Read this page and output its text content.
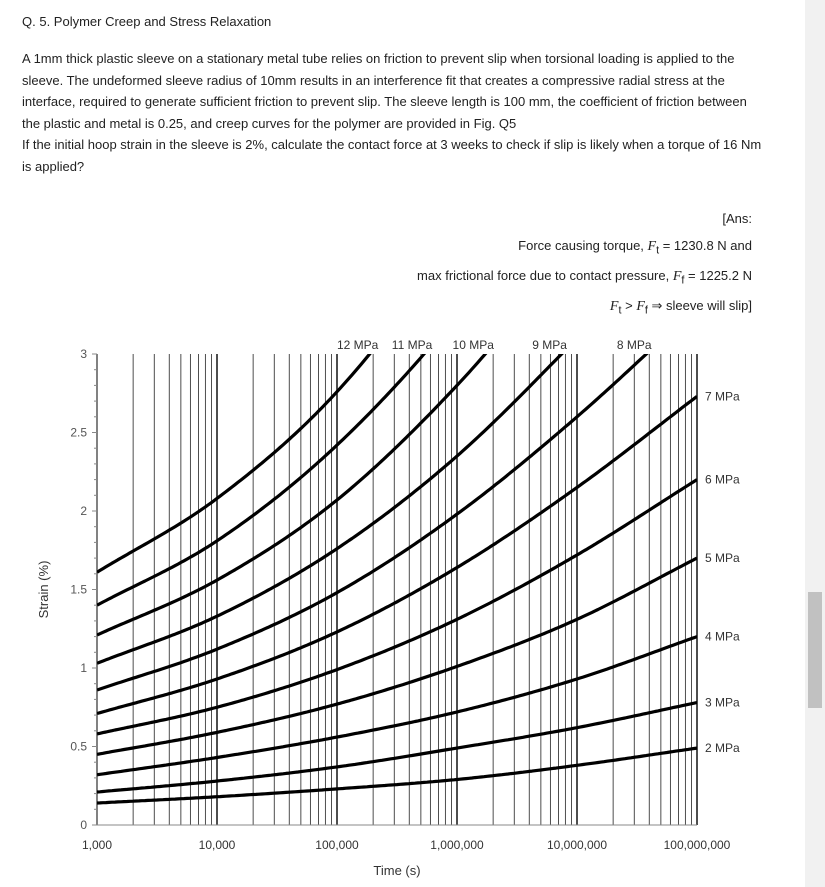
Q. 5. Polymer Creep and Stress Relaxation

A 1mm thick plastic sleeve on a stationary metal tube relies on friction to prevent slip when torsional loading is applied to the sleeve. The undeformed sleeve radius of 10mm results in an interference fit that creates a compressive radial stress at the interface, required to generate sufficient friction to prevent slip. The sleeve length is 100 mm, the coefficient of friction between the plastic and metal is 0.25, and creep curves for the polymer are provided in Fig. Q5

If the initial hoop strain in the sleeve is 2%, calculate the contact force at 3 weeks to check if slip is likely when a torque of 16 Nm is applied?

[Ans:
Force causing torque, $F_t = 1230.8$ N and
max frictional force due to contact pressure, $F_f = 1225.2$ N
$F_t > F_f$ ⇒ sleeve will slip]
0
0.5
1
1.5
2
2.5
3
1,000	10,000	100,000	1,000,000	10,000,000	100,000,000
Time (s)
Strain (%)
2 MPa
3 MPa
4 MPa
5 MPa
6 MPa
7 MPa
8 MPa
9 MPa
10 MPa
11 MPa
12 MPa
